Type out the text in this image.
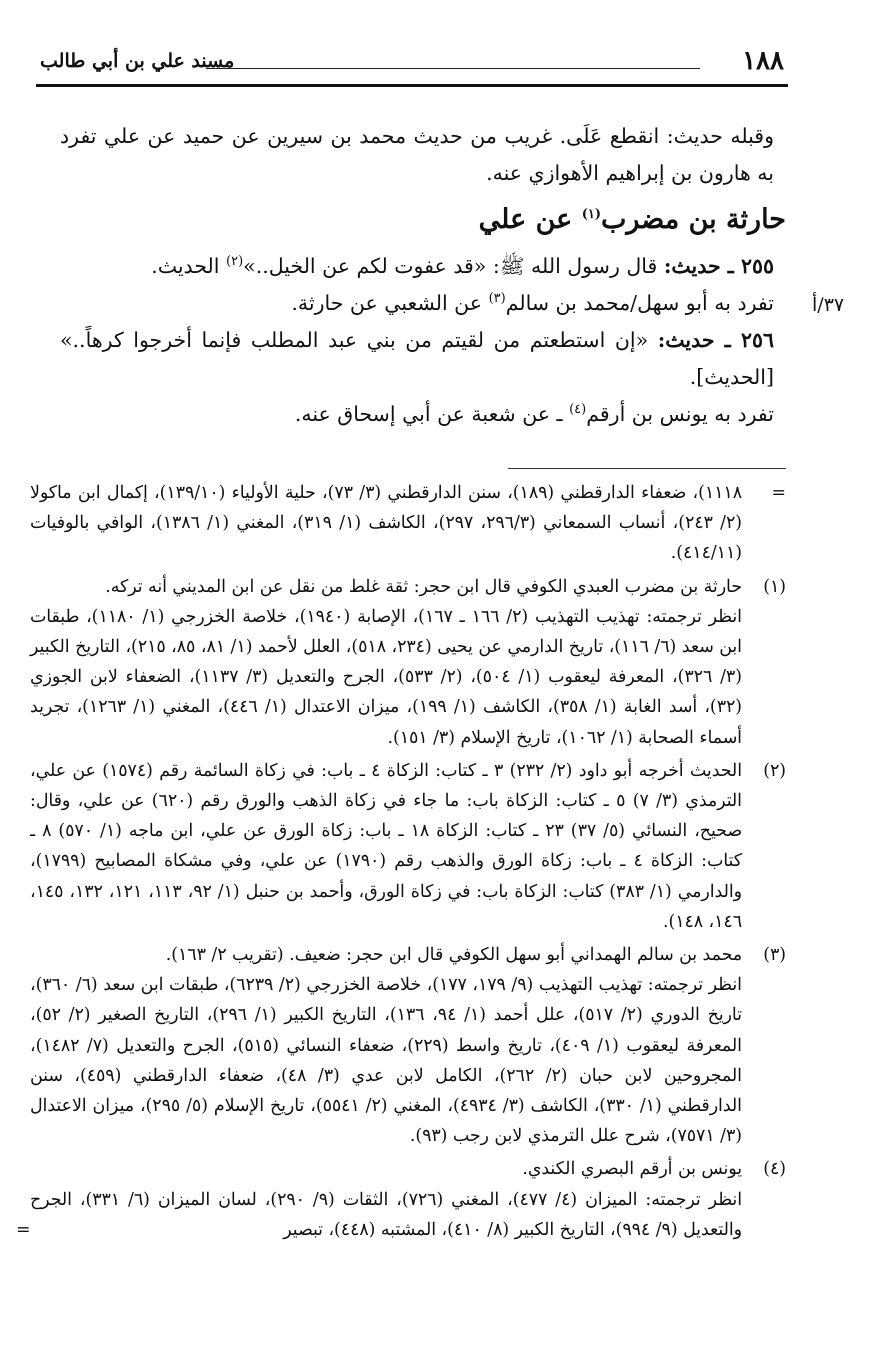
١٨٨
مسند علي بن أبي طالب
٣٧/أ

وقبله حديث: انقطع عَلَى. غريب من حديث محمد بن سيرين عن حميد عن علي تفرد به هارون بن إبراهيم الأهوازي عنه.

حارثة بن مضرب$^{(١)}$ عن علي

٢٥٥ ـ حديث: قال رسول الله ﷺ: «قد عفوت لكم عن الخيل..»$^{(٢)}$ الحديث.

تفرد به أبو سهل/محمد بن سالم$^{(٣)}$ عن الشعبي عن حارثة.

٢٥٦ ـ حديث: «إن استطعتم من لقيتم من بني عبد المطلب فإنما أخرجوا كرهاً..» [الحديث].

تفرد به يونس بن أرقم$^{(٤)}$ ـ عن شعبة عن أبي إسحاق عنه.

=

١١١٨)، ضعفاء الدارقطني (١٨٩)، سنن الدارقطني (٣/ ٧٣)، حلية الأولياء (١٣٩/١٠)، إكمال ابن ماكولا (٢/ ٢٤٣)، أنساب السمعاني (٢٩٦/٣، ٢٩٧)، الكاشف (١/ ٣١٩)، المغني (١/ ١٣٨٦)، الوافي بالوفيات (٤١٤/١١).

(١)

حارثة بن مضرب العبدي الكوفي قال ابن حجر: ثقة غلط من نقل عن ابن المديني أنه تركه.

انظر ترجمته: تهذيب التهذيب (٢/ ١٦٦ ـ ١٦٧)، الإصابة (١٩٤٠)، خلاصة الخزرجي (١/ ١١٨٠)، طبقات ابن سعد (٦/ ١١٦)، تاريخ الدارمي عن يحيى (٢٣٤، ٥١٨)، العلل لأحمد (١/ ٨١، ٨٥، ٢١٥)، التاريخ الكبير (٣/ ٣٢٦)، المعرفة ليعقوب (١/ ٥٠٤)، (٢/ ٥٣٣)، الجرح والتعديل (٣/ ١١٣٧)، الضعفاء لابن الجوزي (٣٢)، أسد الغابة (١/ ٣٥٨)، الكاشف (١/ ١٩٩)، ميزان الاعتدال (١/ ٤٤٦)، المغني (١/ ١٢٦٣)، تجريد أسماء الصحابة (١/ ١٠٦٢)، تاريخ الإسلام (٣/ ١٥١).

(٢)

الحديث أخرجه أبو داود (٢/ ٢٣٢) ٣ ـ كتاب: الزكاة ٤ ـ باب: في زكاة السائمة رقم (١٥٧٤) عن علي، الترمذي (٣/ ٧) ٥ ـ كتاب: الزكاة باب: ما جاء في زكاة الذهب والورق رقم (٦٢٠) عن علي، وقال: صحيح، النسائي (٥/ ٣٧) ٢٣ ـ كتاب: الزكاة ١٨ ـ باب: زكاة الورق عن علي، ابن ماجه (١/ ٥٧٠) ٨ ـ كتاب: الزكاة ٤ ـ باب: زكاة الورق والذهب رقم (١٧٩٠) عن علي، وفي مشكاة المصابيح (١٧٩٩)، والدارمي (١/ ٣٨٣) كتاب: الزكاة باب: في زكاة الورق، وأحمد بن حنبل (١/ ٩٢، ١١٣، ١٢١، ١٣٢، ١٤٥، ١٤٦، ١٤٨).

(٣)

محمد بن سالم الهمداني أبو سهل الكوفي قال ابن حجر: ضعيف. (تقريب ٢/ ١٦٣).

انظر ترجمته: تهذيب التهذيب (٩/ ١٧٩، ١٧٧)، خلاصة الخزرجي (٢/ ٦٢٣٩)، طبقات ابن سعد (٦/ ٣٦٠)، تاريخ الدوري (٢/ ٥١٧)، علل أحمد (١/ ٩٤، ١٣٦)، التاريخ الكبير (١/ ٢٩٦)، التاريخ الصغير (٢/ ٥٢)، المعرفة ليعقوب (١/ ٤٠٩)، تاريخ واسط (٢٢٩)، ضعفاء النسائي (٥١٥)، الجرح والتعديل (٧/ ١٤٨٢)، المجروحين لابن حبان (٢/ ٢٦٢)، الكامل لابن عدي (٣/ ٤٨)، ضعفاء الدارقطني (٤٥٩)، سنن الدارقطني (١/ ٣٣٠)، الكاشف (٣/ ٤٩٣٤)، المغني (٢/ ٥٥٤١)، تاريخ الإسلام (٥/ ٢٩٥)، ميزان الاعتدال (٣/ ٧٥٧١)، شرح علل الترمذي لابن رجب (٩٣).

(٤)

يونس بن أرقم البصري الكندي.

انظر ترجمته: الميزان (٤/ ٤٧٧)، المغني (٧٢٦)، الثقات (٩/ ٢٩٠)، لسان الميزان (٦/ ٣٣١)، الجرح والتعديل (٩/ ٩٩٤)، التاريخ الكبير (٨/ ٤١٠)، المشتبه (٤٤٨)، تبصير

=
